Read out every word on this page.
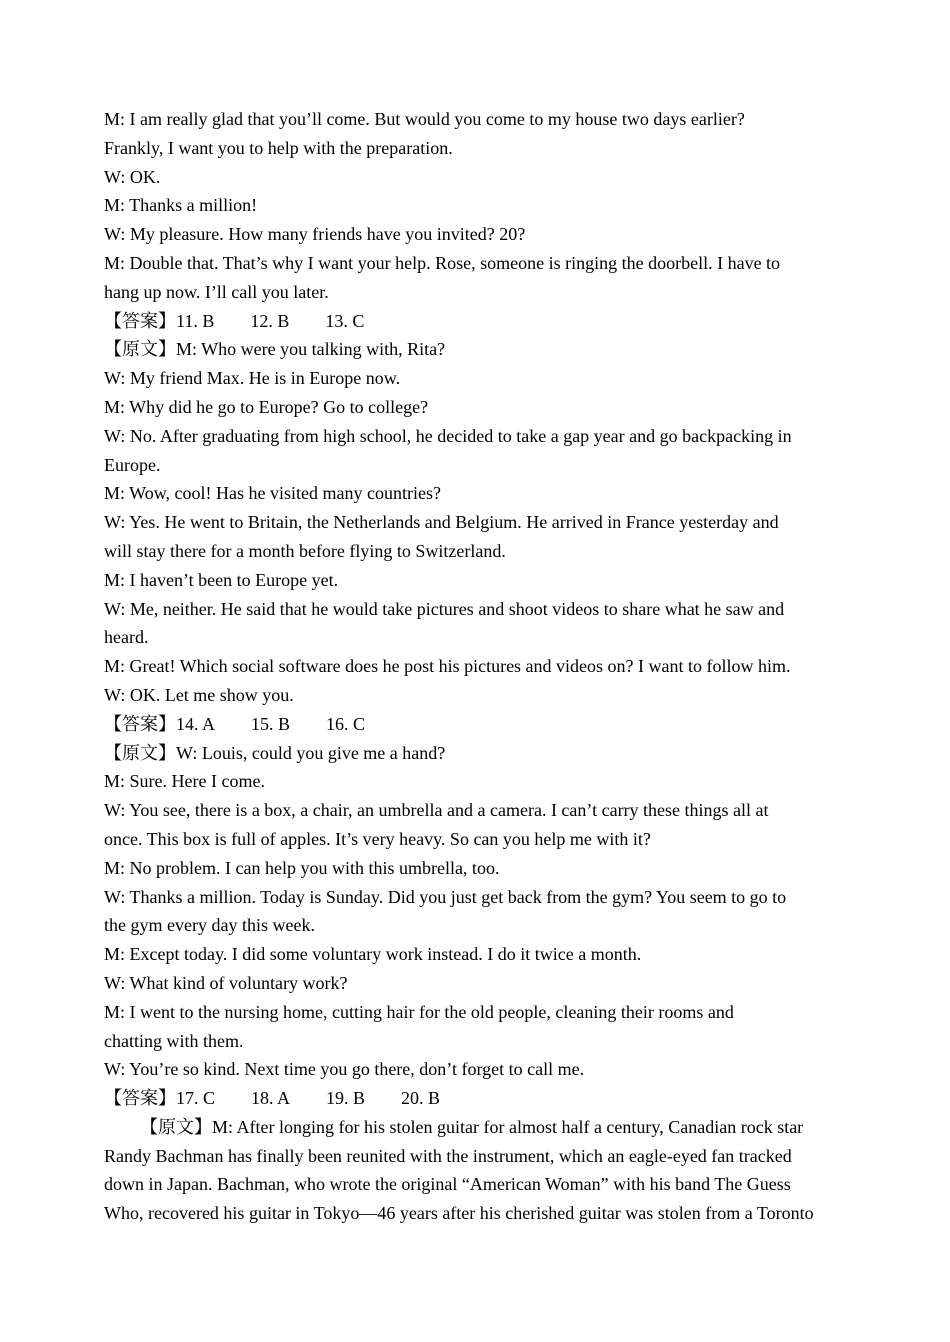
M: I am really glad that you’ll come. But would you come to my house two days earlier?
Frankly, I want you to help with the preparation.
W: OK.
M: Thanks a million!
W: My pleasure. How many friends have you invited? 20?
M: Double that. That’s why I want your help. Rose, someone is ringing the doorbell. I have to
hang up now. I’ll call you later.
【答案】11. B 12. B 13. C
【原文】M: Who were you talking with, Rita?
W: My friend Max. He is in Europe now.
M: Why did he go to Europe? Go to college?
W: No. After graduating from high school, he decided to take a gap year and go backpacking in
Europe.
M: Wow, cool! Has he visited many countries?
W: Yes. He went to Britain, the Netherlands and Belgium. He arrived in France yesterday and
will stay there for a month before flying to Switzerland.
M: I haven’t been to Europe yet.
W: Me, neither. He said that he would take pictures and shoot videos to share what he saw and
heard.
M: Great! Which social software does he post his pictures and videos on? I want to follow him.
W: OK. Let me show you.
【答案】14. A 15. B 16. C
【原文】W: Louis, could you give me a hand?
M: Sure. Here I come.
W: You see, there is a box, a chair, an umbrella and a camera. I can’t carry these things all at
once. This box is full of apples. It’s very heavy. So can you help me with it?
M: No problem. I can help you with this umbrella, too.
W: Thanks a million. Today is Sunday. Did you just get back from the gym? You seem to go to
the gym every day this week.
M: Except today. I did some voluntary work instead. I do it twice a month.
W: What kind of voluntary work?
M: I went to the nursing home, cutting hair for the old people, cleaning their rooms and
chatting with them.
W: You’re so kind. Next time you go there, don’t forget to call me.
【答案】17. C 18. A 19. B 20. B
【原文】M: After longing for his stolen guitar for almost half a century, Canadian rock star
Randy Bachman has finally been reunited with the instrument, which an eagle-eyed fan tracked
down in Japan. Bachman, who wrote the original “American Woman” with his band The Guess
Who, recovered his guitar in Tokyo—46 years after his cherished guitar was stolen from a Toronto
